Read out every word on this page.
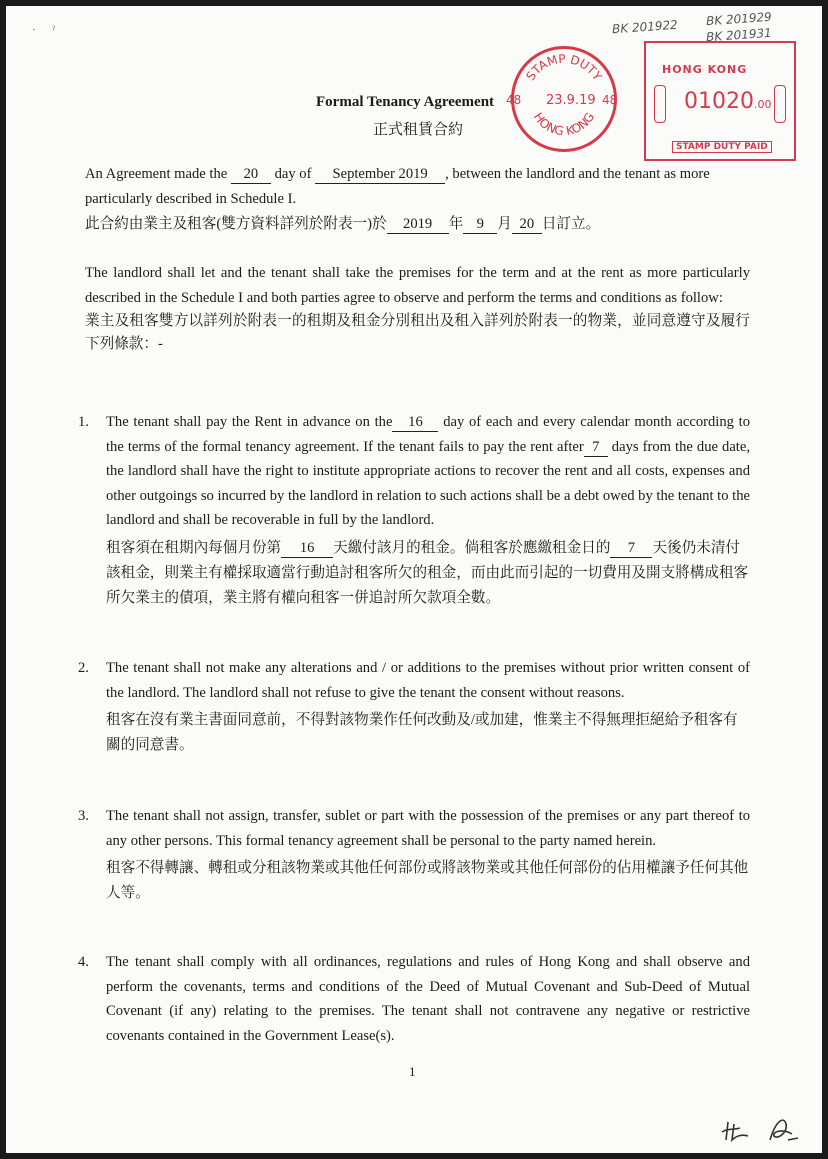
BK 201922 BK 201929
BK 201931
·      ˀ
Formal Tenancy Agreement
正式租賃合約
STAMP DUTY
HONG KONG
48 23.9.19 48
HONG KONG
01020.00
STAMP DUTY PAID
An Agreement made the 20 day of September 2019 , between the landlord and the tenant as more particularly described in Schedule I.
此合約由業主及租客(雙方資料詳列於附表一)於 2019 年 9 月 20 日訂立。
The landlord shall let and the tenant shall take the premises for the term and at the rent as more particularly described in the Schedule I and both parties agree to observe and perform the terms and conditions as follow:
業主及租客雙方以詳列於附表一的租期及租金分別租出及租入詳列於附表一的物業，並同意遵守及履行下列條款：-
1.	The tenant shall pay the Rent in advance on the 16 day of each and every calendar month according to the terms of the formal tenancy agreement. If the tenant fails to pay the rent after 7 days from the due date, the landlord shall have the right to institute appropriate actions to recover the rent and all costs, expenses and other outgoings so incurred by the landlord in relation to such actions shall be a debt owed by the tenant to the landlord and shall be recoverable in full by the landlord.
租客須在租期內每個月份第 16 天繳付該月的租金。倘租客於應繳租金日的 7 天後仍未清付該租金，則業主有權採取適當行動追討租客所欠的租金，而由此而引起的一切費用及開支將構成租客所欠業主的債項，業主將有權向租客一併追討所欠款項全數。
2.	The tenant shall not make any alterations and / or additions to the premises without prior written consent of the landlord. The landlord shall not refuse to give the tenant the consent without reasons.
租客在沒有業主書面同意前，不得對該物業作任何改動及/或加建，惟業主不得無理拒絕給予租客有關的同意書。
3.	The tenant shall not assign, transfer, sublet or part with the possession of the premises or any part thereof to any other persons. This formal tenancy agreement shall be personal to the party named herein.
租客不得轉讓、轉租或分租該物業或其他任何部份或將該物業或其他任何部份的佔用權讓予任何其他人等。
4.	The tenant shall comply with all ordinances, regulations and rules of Hong Kong and shall observe and perform the covenants, terms and conditions of the Deed of Mutual Covenant and Sub-Deed of Mutual Covenant (if any) relating to the premises. The tenant shall not contravene any negative or restrictive covenants contained in the Government Lease(s).
1
